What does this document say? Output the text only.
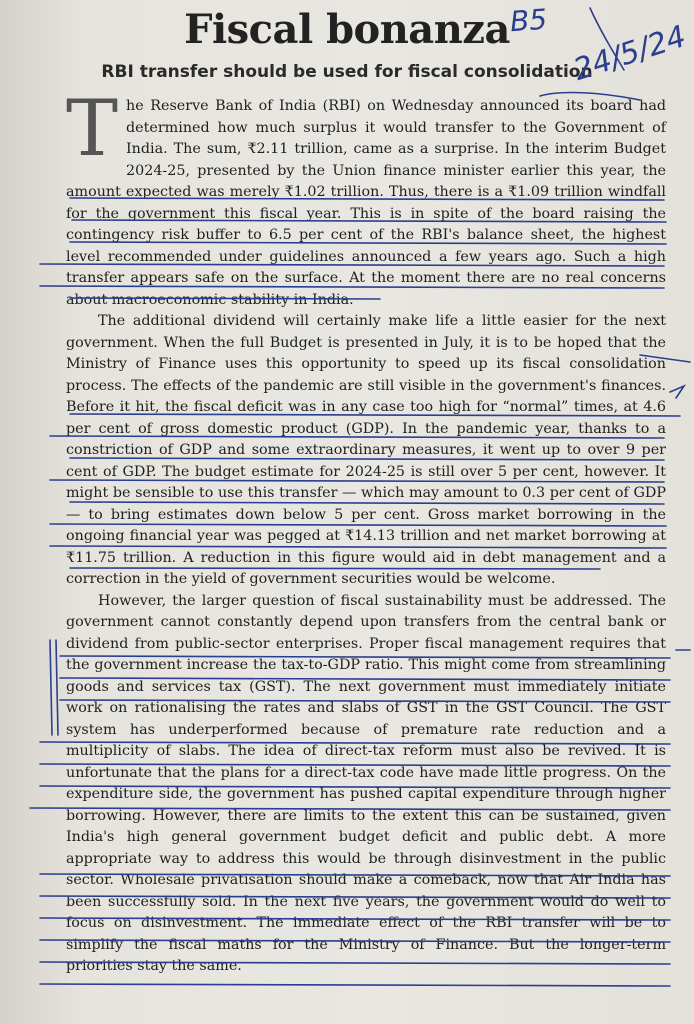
Fiscal bonanza
RBI transfer should be used for fiscal consolidation

The Reserve Bank of India (RBI) on Wednesday announced its board had determined how much surplus it would transfer to the Government of India. The sum, ₹2.11 trillion, came as a surprise. In the interim Budget 2024-25, presented by the Union finance minister earlier this year, the amount expected was merely ₹1.02 trillion. Thus, there is a ₹1.09 trillion windfall for the government this fiscal year. This is in spite of the board raising the contingency risk buffer to 6.5 per cent of the RBI's balance sheet, the highest level recommended under guidelines announced a few years ago. Such a high transfer appears safe on the surface. At the moment there are no real concerns about macroeconomic stability in India.

The additional dividend will certainly make life a little easier for the next government. When the full Budget is presented in July, it is to be hoped that the Ministry of Finance uses this opportunity to speed up its fiscal consolidation process. The effects of the pandemic are still visible in the government's finances. Before it hit, the fiscal deficit was in any case too high for “normal” times, at 4.6 per cent of gross domestic product (GDP). In the pandemic year, thanks to a constriction of GDP and some extraordinary measures, it went up to over 9 per cent of GDP. The budget estimate for 2024-25 is still over 5 per cent, however. It might be sensible to use this transfer — which may amount to 0.3 per cent of GDP — to bring estimates down below 5 per cent. Gross market borrowing in the ongoing financial year was pegged at ₹14.13 trillion and net market borrowing at ₹11.75 trillion. A reduction in this figure would aid in debt management and a correction in the yield of government securities would be welcome.

However, the larger question of fiscal sustainability must be addressed. The government cannot constantly depend upon transfers from the central bank or dividend from public-sector enterprises. Proper fiscal management requires that the government increase the tax-to-GDP ratio. This might come from streamlining goods and services tax (GST). The next government must immediately initiate work on rationalising the rates and slabs of GST in the GST Council. The GST system has underperformed because of premature rate reduction and a multiplicity of slabs. The idea of direct-tax reform must also be revived. It is unfortunate that the plans for a direct-tax code have made little progress. On the expenditure side, the government has pushed capital expenditure through higher borrowing. However, there are limits to the extent this can be sustained, given India's high general government budget deficit and public debt. A more appropriate way to address this would be through disinvestment in the public sector. Wholesale privatisation should make a comeback, now that Air India has been successfully sold. In the next five years, the government would do well to focus on disinvestment. The immediate effect of the RBI transfer will be to simplify the fiscal maths for the Ministry of Finance. But the longer-term priorities stay the same.

B5 24/5/24
